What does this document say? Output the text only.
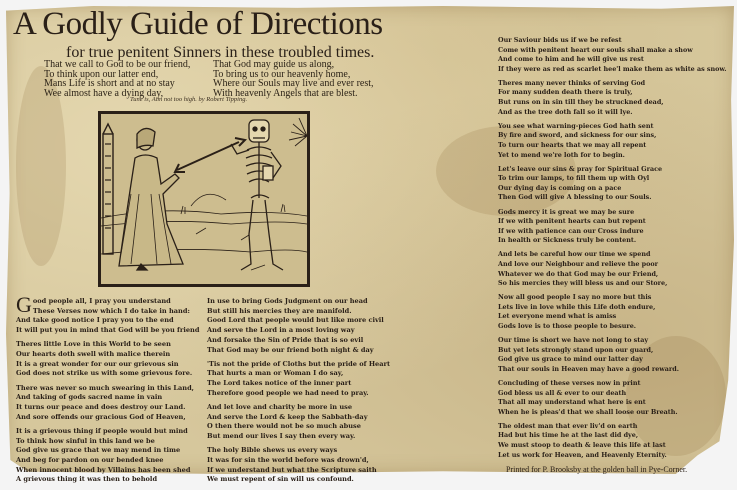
A Godly Guide of Directions
for true penitent Sinners in these troubled times.
That we call to God to be our friend,
To think upon our latter end,
Mans Life is short and at no stay
Wee almost have a dying day,
That God may guide us along,
To bring us to our heavenly home,
Where our Souls may live and ever rest,
With heavenly Angels that are blest.
Tune is, Aim not too high. by Robert Tipping.
G ood people all, I pray you understand
These Verses now which I do take in hand:
And take good notice I pray you to the end
It will put you in mind that God will be you friend
Theres little Love in this World to be seen
Our hearts doth swell with malice therein
It is a great wonder for our our grievous sin
God does not strike us with some grievous fore.
There was never so much swearing in this Land,
And taking of gods sacred name in vain
It turns our peace and does destroy our Land.
And sore offends our gracious God of Heaven,
It is a grievous thing if people would but mind
To think how sinful in this land we be
God give us grace that we may mend in time
And beg for pardon on our bended knee
When innocent blood by Villains has been shed
A grievous thing it was then to behold
In use to bring Gods Judgment on our head
But still his mercies they are manifold.
Good Lord that people would but like more civil
And serve the Lord in a most loving way
And forsake the Sin of Pride that is so evil
That God may be our friend both night & day
'Tis not the pride of Cloths but the pride of Heart
That hurts a man or Woman I do say,
The Lord takes notice of the inner part
Therefore good people we had need to pray.
And let love and charity be more in use
And serve the Lord & keep the Sabbath-day
O then there would not be so much abuse
But mend our lives I say then every way.
The holy Bible shews us every ways
It was for sin the world before was drown'd,
If we understand but what the Scripture saith
We must repent of sin will us confound.
Our Saviour bids us if we be refest
Come with penitent heart our souls shall make a show
And come to him and he will give us rest
If they were as red as scarlet hee'l make them as white as snow.
Theres many never thinks of serving God
For many sudden death there is truly,
But runs on in sin till they be struckned dead,
And as the tree doth fall so it will lye.
You see what warning-pieces God hath sent
By fire and sword, and sickness for our sins,
To turn our hearts that we may all repent
Yet to mend we're loth for to begin.
Let's leave our sins & pray for Spiritual Grace
To trim our lamps, to fill them up with Oyl
Our dying day is coming on a pace
Then God will give A blessing to our Souls.
Gods mercy it is great we may be sure
If we with penitent hearts can but repent
If we with patience can our Cross indure
In health or Sickness truly be content.
And lets be careful how our time we spend
And love our Neighbour and relieve the poor
Whatever we do that God may be our Friend,
So his mercies they will bless us and our Store,
Now all good people I say no more but this
Lets live in love while this Life doth endure,
Let everyone mend what is amiss
Gods love is to those people to besure.
Our time is short we have not long to stay
But yet lets strongly stand upon our guard,
God give us grace to mind our latter day
That our souls in Heaven may have a good reward.
Concluding of these verses now in print
God bless us all & ever to our death
That all may understand what here is ent
When he is pleas'd that we shall loose our Breath.
The oldest man that ever liv'd on earth
Had but his time he at the last did dye,
We must stoop to death & leave this life at last
Let us work for Heaven, and Heavenly Eternity.
Printed for P. Brooksby at the golden ball in Pye-Corner.
